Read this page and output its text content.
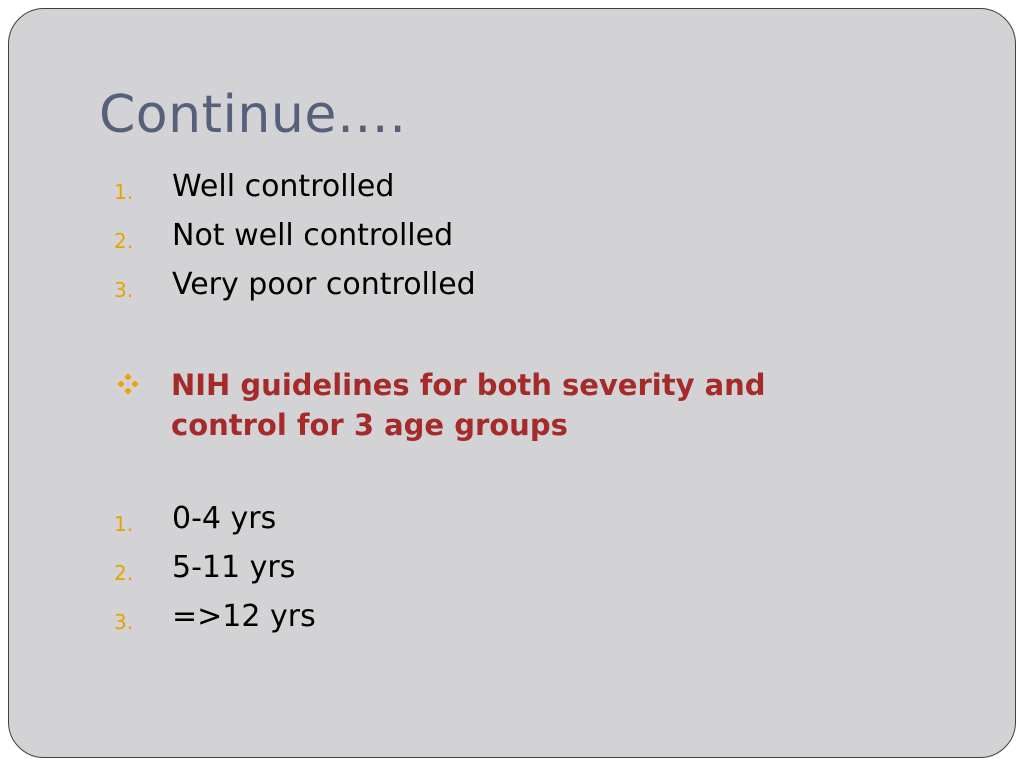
Continue….
1. Well controlled
2. Not well controlled
3. Very poor controlled

NIH guidelines for both severity and control for 3 age groups

1. 0-4 yrs
2. 5-11 yrs
3. =>12 yrs
